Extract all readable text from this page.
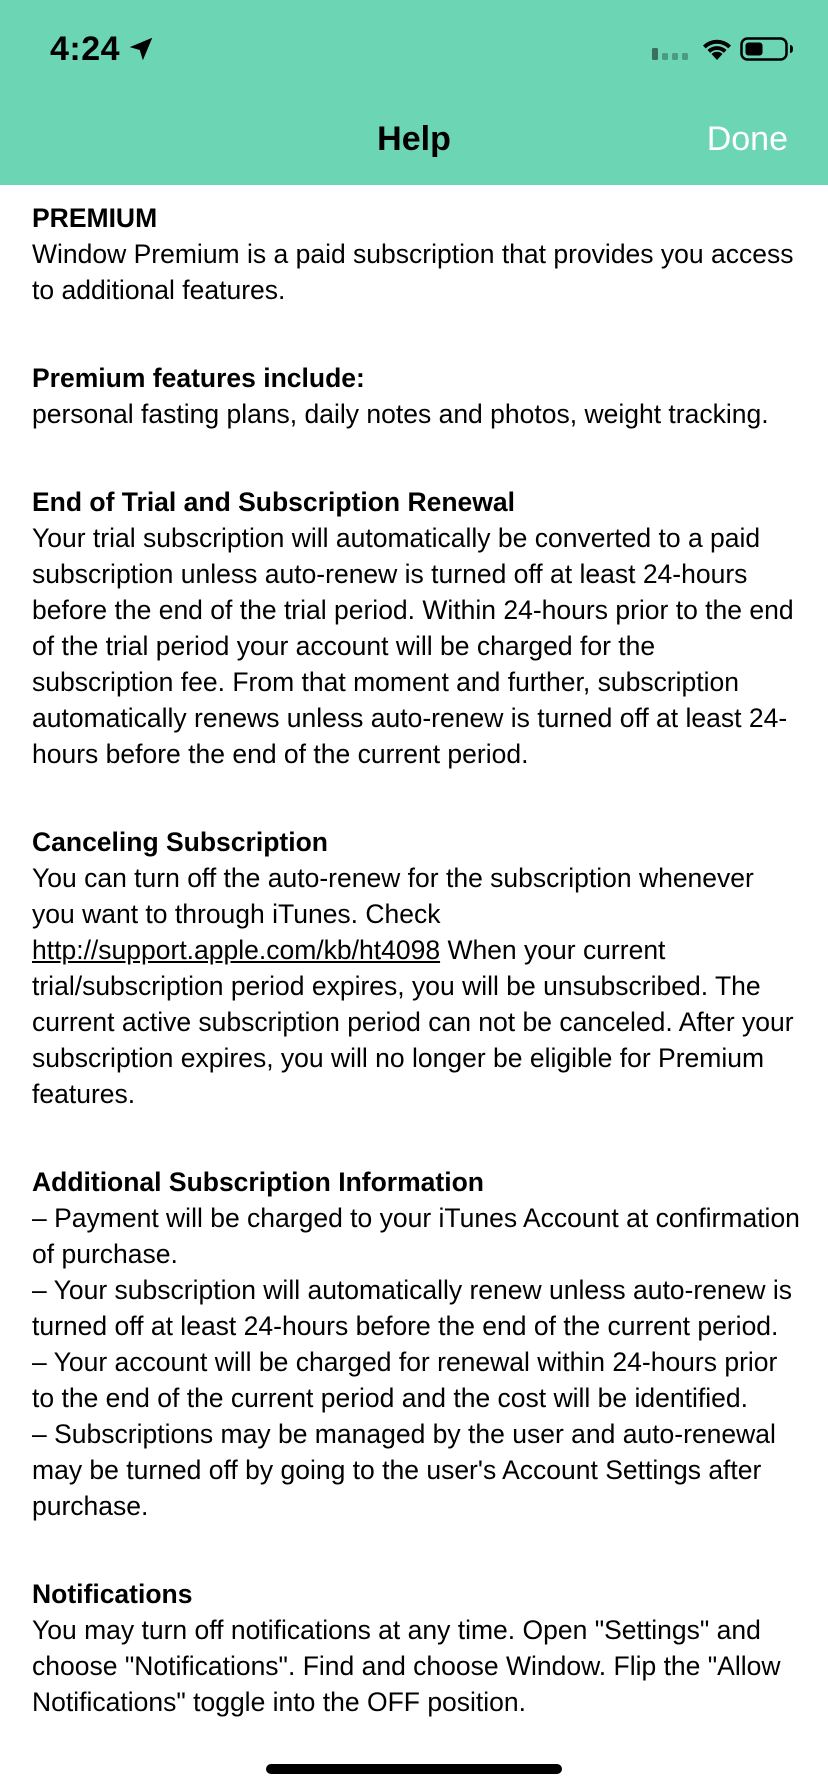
4:24
Help	Done

PREMIUM

Window Premium is a paid subscription that provides you access to additional features.

Premium features include:

personal fasting plans, daily notes and photos, weight tracking.

End of Trial and Subscription Renewal

Your trial subscription will automatically be converted to a paid subscription unless auto-renew is turned off at least 24-hours before the end of the trial period. Within 24-hours prior to the end of the trial period your account will be charged for the subscription fee. From that moment and further, subscription automatically renews unless auto-renew is turned off at least 24-hours before the end of the current period.

Canceling Subscription

You can turn off the auto-renew for the subscription whenever you want to through iTunes. Check http://support.apple.com/kb/ht4098 When your current trial/subscription period expires, you will be unsubscribed. The current active subscription period can not be canceled. After your subscription expires, you will no longer be eligible for Premium features.

Additional Subscription Information

– Payment will be charged to your iTunes Account at confirmation of purchase.

– Your subscription will automatically renew unless auto-renew is turned off at least 24-hours before the end of the current period.

– Your account will be charged for renewal within 24-hours prior to the end of the current period and the cost will be identified.

– Subscriptions may be managed by the user and auto-renewal may be turned off by going to the user's Account Settings after purchase.

Notifications

You may turn off notifications at any time. Open "Settings" and choose "Notifications". Find and choose Window. Flip the "Allow Notifications" toggle into the OFF position.
